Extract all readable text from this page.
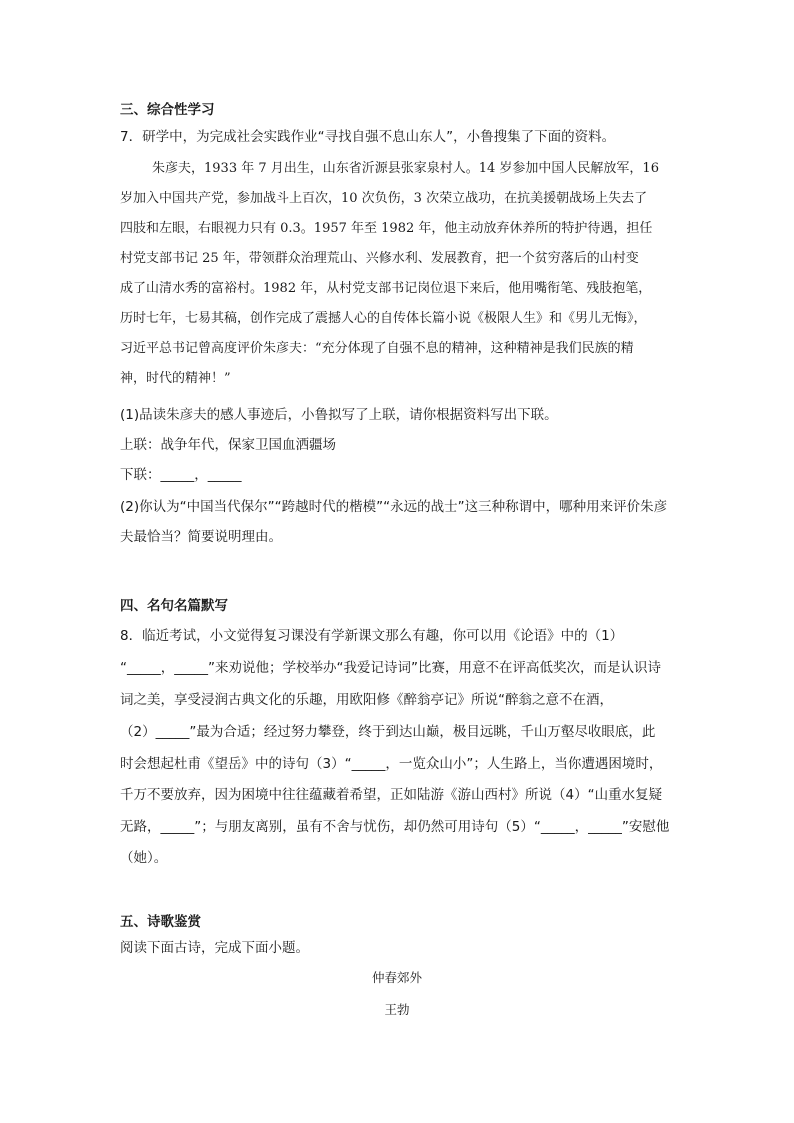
三、综合性学习
7．研学中，为完成社会实践作业“寻找自强不息山东人”，小鲁搜集了下面的资料。
朱彦夫，1933 年 7 月出生，山东省沂源县张家泉村人。14 岁参加中国人民解放军，16
岁加入中国共产党，参加战斗上百次，10 次负伤，3 次荣立战功，在抗美援朝战场上失去了
四肢和左眼，右眼视力只有 0.3。1957 年至 1982 年，他主动放弃休养所的特护待遇，担任
村党支部书记 25 年，带领群众治理荒山、兴修水利、发展教育，把一个贫穷落后的山村变
成了山清水秀的富裕村。1982 年，从村党支部书记岗位退下来后，他用嘴衔笔、残肢抱笔，
历时七年，七易其稿，创作完成了震撼人心的自传体长篇小说《极限人生》和《男儿无悔》，
习近平总书记曾高度评价朱彦夫：“充分体现了自强不息的精神，这种精神是我们民族的精
神，时代的精神！”
(1)品读朱彦夫的感人事迹后，小鲁拟写了上联，请你根据资料写出下联。
上联：战争年代，保家卫国血洒疆场
下联：_____，_____
(2)你认为“中国当代保尔”“跨越时代的楷模”“永远的战士”这三种称谓中，哪种用来评价朱彦
夫最恰当？简要说明理由。
四、名句名篇默写
8．临近考试，小文觉得复习课没有学新课文那么有趣，你可以用《论语》中的（1）
“_____，_____”来劝说他；学校举办“我爱记诗词”比赛，用意不在评高低奖次，而是认识诗
词之美，享受浸润古典文化的乐趣，用欧阳修《醉翁亭记》所说“醉翁之意不在酒，
（2）_____”最为合适；经过努力攀登，终于到达山巅，极目远眺，千山万壑尽收眼底，此
时会想起杜甫《望岳》中的诗句（3）“_____，一览众山小”；人生路上，当你遭遇困境时，
千万不要放弃，因为困境中往往蕴藏着希望，正如陆游《游山西村》所说（4）“山重水复疑
无路，_____”；与朋友离别，虽有不舍与忧伤，却仍然可用诗句（5）“_____，_____”安慰他
（她）。
五、诗歌鉴赏
阅读下面古诗，完成下面小题。
仲春郊外
王勃
